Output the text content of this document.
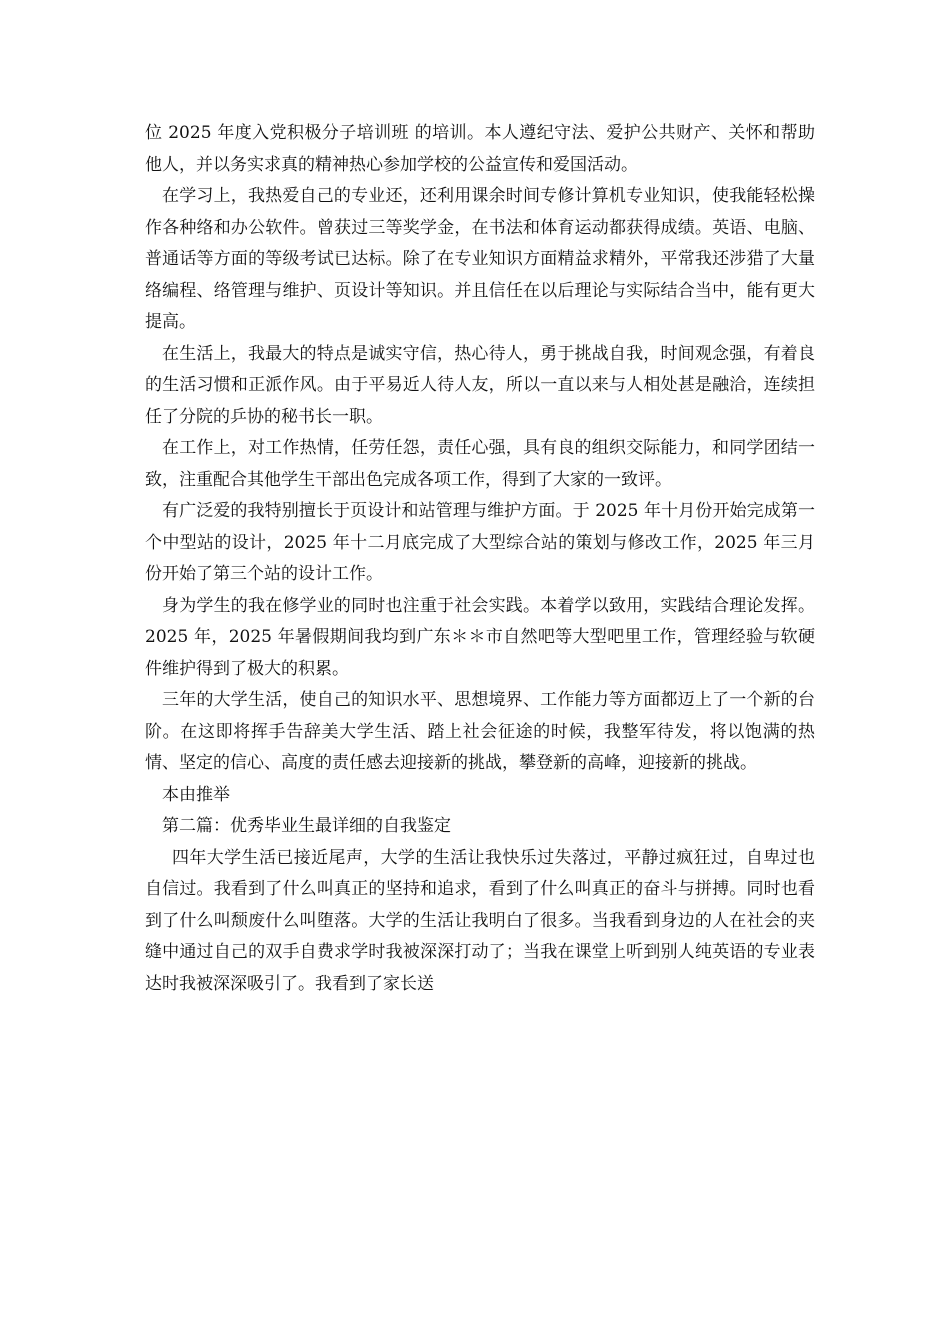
位 2025 年度入党积极分子培训班 的培训。本人遵纪守法、爱护公共财产、关怀和帮助他人，并以务实求真的精神热心参加学校的公益宣传和爱国活动。

在学习上，我热爱自己的专业还，还利用课余时间专修计算机专业知识，使我能轻松操作各种络和办公软件。曾获过三等奖学金，在书法和体育运动都获得成绩。英语、电脑、普通话等方面的等级考试已达标。除了在专业知识方面精益求精外，平常我还涉猎了大量络编程、络管理与维护、页设计等知识。并且信任在以后理论与实际结合当中，能有更大提高。

在生活上，我最大的特点是诚实守信，热心待人，勇于挑战自我，时间观念强，有着良的生活习惯和正派作风。由于平易近人待人友，所以一直以来与人相处甚是融洽，连续担任了分院的乒协的秘书长一职。

在工作上，对工作热情，任劳任怨，责任心强，具有良的组织交际能力，和同学团结一致，注重配合其他学生干部出色完成各项工作，得到了大家的一致评。

有广泛爱的我特别擅长于页设计和站管理与维护方面。于 2025 年十月份开始完成第一个中型站的设计，2025 年十二月底完成了大型综合站的策划与修改工作，2025 年三月份开始了第三个站的设计工作。

身为学生的我在修学业的同时也注重于社会实践。本着学以致用，实践结合理论发挥。2025 年，2025 年暑假期间我均到广东＊＊市自然吧等大型吧里工作，管理经验与软硬件维护得到了极大的积累。

三年的大学生活，使自己的知识水平、思想境界、工作能力等方面都迈上了一个新的台阶。在这即将挥手告辞美大学生活、踏上社会征途的时候，我整军待发，将以饱满的热情、坚定的信心、高度的责任感去迎接新的挑战，攀登新的高峰，迎接新的挑战。

本由推举

第二篇：优秀毕业生最详细的自我鉴定

四年大学生活已接近尾声，大学的生活让我快乐过失落过，平静过疯狂过，自卑过也自信过。我看到了什么叫真正的坚持和追求，看到了什么叫真正的奋斗与拼搏。同时也看到了什么叫颓废什么叫堕落。大学的生活让我明白了很多。当我看到身边的人在社会的夹缝中通过自己的双手自费求学时我被深深打动了；当我在课堂上听到别人纯英语的专业表达时我被深深吸引了。我看到了家长送
